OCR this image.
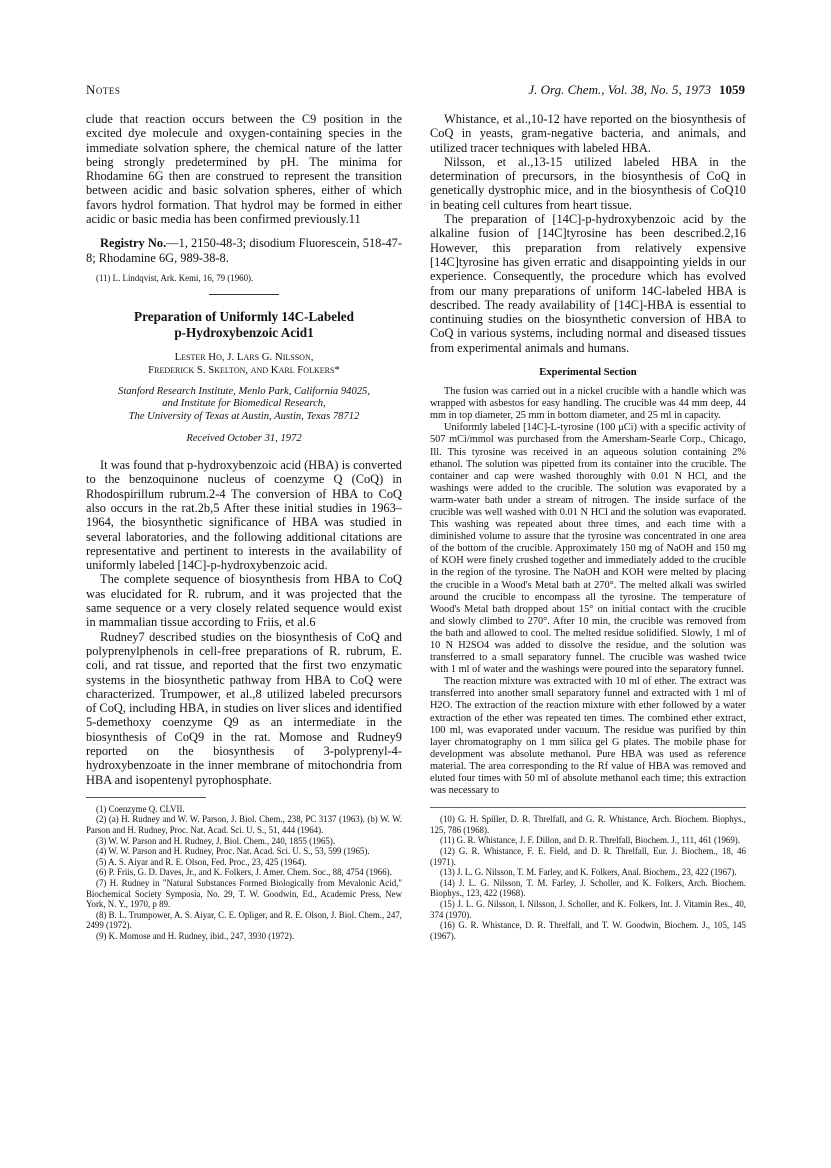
Notes	J. Org. Chem., Vol. 38, No. 5, 1973 1059

clude that reaction occurs between the C9 position in the excited dye molecule and oxygen-containing species in the immediate solvation sphere, the chemical nature of the latter being strongly predetermined by pH. The minima for Rhodamine 6G then are construed to represent the transition between acidic and basic solvation spheres, either of which favors hydrol formation. That hydrol may be formed in either acidic or basic media has been confirmed previously.11

Registry No.—1, 2150-48-3; disodium Fluorescein, 518-47-8; Rhodamine 6G, 989-38-8.

(11) L. Lindqvist, Ark. Kemi, 16, 79 (1960).

Preparation of Uniformly 14C-Labeled
p-Hydroxybenzoic Acid1
Lester Ho, J. Lars G. Nilsson,
Frederick S. Skelton, and Karl Folkers*
Stanford Research Institute, Menlo Park, California 94025,
and Institute for Biomedical Research,
The University of Texas at Austin, Austin, Texas 78712
Received October 31, 1972

It was found that p-hydroxybenzoic acid (HBA) is converted to the benzoquinone nucleus of coenzyme Q (CoQ) in Rhodospirillum rubrum.2-4 The conversion of HBA to CoQ also occurs in the rat.2b,5 After these initial studies in 1963–1964, the biosynthetic significance of HBA was studied in several laboratories, and the following additional citations are representative and pertinent to interests in the availability of uniformly labeled [14C]-p-hydroxybenzoic acid.

The complete sequence of biosynthesis from HBA to CoQ was elucidated for R. rubrum, and it was projected that the same sequence or a very closely related sequence would exist in mammalian tissue according to Friis, et al.6

Rudney7 described studies on the biosynthesis of CoQ and polyprenylphenols in cell-free preparations of R. rubrum, E. coli, and rat tissue, and reported that the first two enzymatic systems in the biosynthetic pathway from HBA to CoQ were characterized. Trumpower, et al.,8 utilized labeled precursors of CoQ, including HBA, in studies on liver slices and identified 5-demethoxy coenzyme Q9 as an intermediate in the biosynthesis of CoQ9 in the rat. Momose and Rudney9 reported on the biosynthesis of 3-polyprenyl-4-hydroxybenzoate in the inner membrane of mitochondria from HBA and isopentenyl pyrophosphate.

(1) Coenzyme Q. CLVII.

(2) (a) H. Rudney and W. W. Parson, J. Biol. Chem., 238, PC 3137 (1963). (b) W. W. Parson and H. Rudney, Proc. Nat. Acad. Sci. U. S., 51, 444 (1964).

(3) W. W. Parson and H. Rudney, J. Biol. Chem., 240, 1855 (1965).

(4) W. W. Parson and H. Rudney, Proc. Nat. Acad. Sci. U. S., 53, 599 (1965).

(5) A. S. Aiyar and R. E. Olson, Fed. Proc., 23, 425 (1964).

(6) P. Friis, G. D. Daves, Jr., and K. Folkers, J. Amer. Chem. Soc., 88, 4754 (1966).

(7) H. Rudney in "Natural Substances Formed Biologically from Mevalonic Acid," Biochemical Society Symposia, No. 29, T. W. Goodwin, Ed., Academic Press, New York, N. Y., 1970, p 89.

(8) B. L. Trumpower, A. S. Aiyar, C. E. Opliger, and R. E. Olson, J. Biol. Chem., 247, 2499 (1972).

(9) K. Momose and H. Rudney, ibid., 247, 3930 (1972).

Whistance, et al.,10-12 have reported on the biosynthesis of CoQ in yeasts, gram-negative bacteria, and animals, and utilized tracer techniques with labeled HBA.

Nilsson, et al.,13-15 utilized labeled HBA in the determination of precursors, in the biosynthesis of CoQ in genetically dystrophic mice, and in the biosynthesis of CoQ10 in beating cell cultures from heart tissue.

The preparation of [14C]-p-hydroxybenzoic acid by the alkaline fusion of [14C]tyrosine has been described.2,16 However, this preparation from relatively expensive [14C]tyrosine has given erratic and disappointing yields in our experience. Consequently, the procedure which has evolved from our many preparations of uniform 14C-labeled HBA is described. The ready availability of [14C]-HBA is essential to continuing studies on the biosynthetic conversion of HBA to CoQ in various systems, including normal and diseased tissues from experimental animals and humans.

Experimental Section

The fusion was carried out in a nickel crucible with a handle which was wrapped with asbestos for easy handling. The crucible was 44 mm deep, 44 mm in top diameter, 25 mm in bottom diameter, and 25 ml in capacity.

Uniformly labeled [14C]-L-tyrosine (100 μCi) with a specific activity of 507 mCi/mmol was purchased from the Amersham-Searle Corp., Chicago, Ill. This tyrosine was received in an aqueous solution containing 2% ethanol. The solution was pipetted from its container into the crucible. The container and cap were washed thoroughly with 0.01 N HCl, and the washings were added to the crucible. The solution was evaporated by a warm-water bath under a stream of nitrogen. The inside surface of the crucible was well washed with 0.01 N HCl and the solution was evaporated. This washing was repeated about three times, and each time with a diminished volume to assure that the tyrosine was concentrated in one area of the bottom of the crucible. Approximately 150 mg of NaOH and 150 mg of KOH were finely crushed together and immediately added to the crucible in the region of the tyrosine. The NaOH and KOH were melted by placing the crucible in a Wood's Metal bath at 270°. The melted alkali was swirled around the crucible to encompass all the tyrosine. The temperature of Wood's Metal bath dropped about 15° on initial contact with the crucible and slowly climbed to 270°. After 10 min, the crucible was removed from the bath and allowed to cool. The melted residue solidified. Slowly, 1 ml of 10 N H2SO4 was added to dissolve the residue, and the solution was transferred to a small separatory funnel. The crucible was washed twice with 1 ml of water and the washings were poured into the separatory funnel.

The reaction mixture was extracted with 10 ml of ether. The extract was transferred into another small separatory funnel and extracted with 1 ml of H2O. The extraction of the reaction mixture with ether followed by a water extraction of the ether was repeated ten times. The combined ether extract, 100 ml, was evaporated under vacuum. The residue was purified by thin layer chromatography on 1 mm silica gel G plates. The mobile phase for development was absolute methanol. Pure HBA was used as reference material. The area corresponding to the Rf value of HBA was removed and eluted four times with 50 ml of absolute methanol each time; this extraction was necessary to

(10) G. H. Spiller, D. R. Threlfall, and G. R. Whistance, Arch. Biochem. Biophys., 125, 786 (1968).

(11) G. R. Whistance, J. F. Dillon, and D. R. Threlfall, Biochem. J., 111, 461 (1969).

(12) G. R. Whistance, F. E. Field, and D. R. Threlfall, Eur. J. Biochem., 18, 46 (1971).

(13) J. L. G. Nilsson, T. M. Farley, and K. Folkers, Anal. Biochem., 23, 422 (1967).

(14) J. L. G. Nilsson, T. M. Farley, J. Scholler, and K. Folkers, Arch. Biochem. Biophys., 123, 422 (1968).

(15) J. L. G. Nilsson, I. Nilsson, J. Scholler, and K. Folkers, Int. J. Vitamin Res., 40, 374 (1970).

(16) G. R. Whistance, D. R. Threlfall, and T. W. Goodwin, Biochem. J., 105, 145 (1967).
